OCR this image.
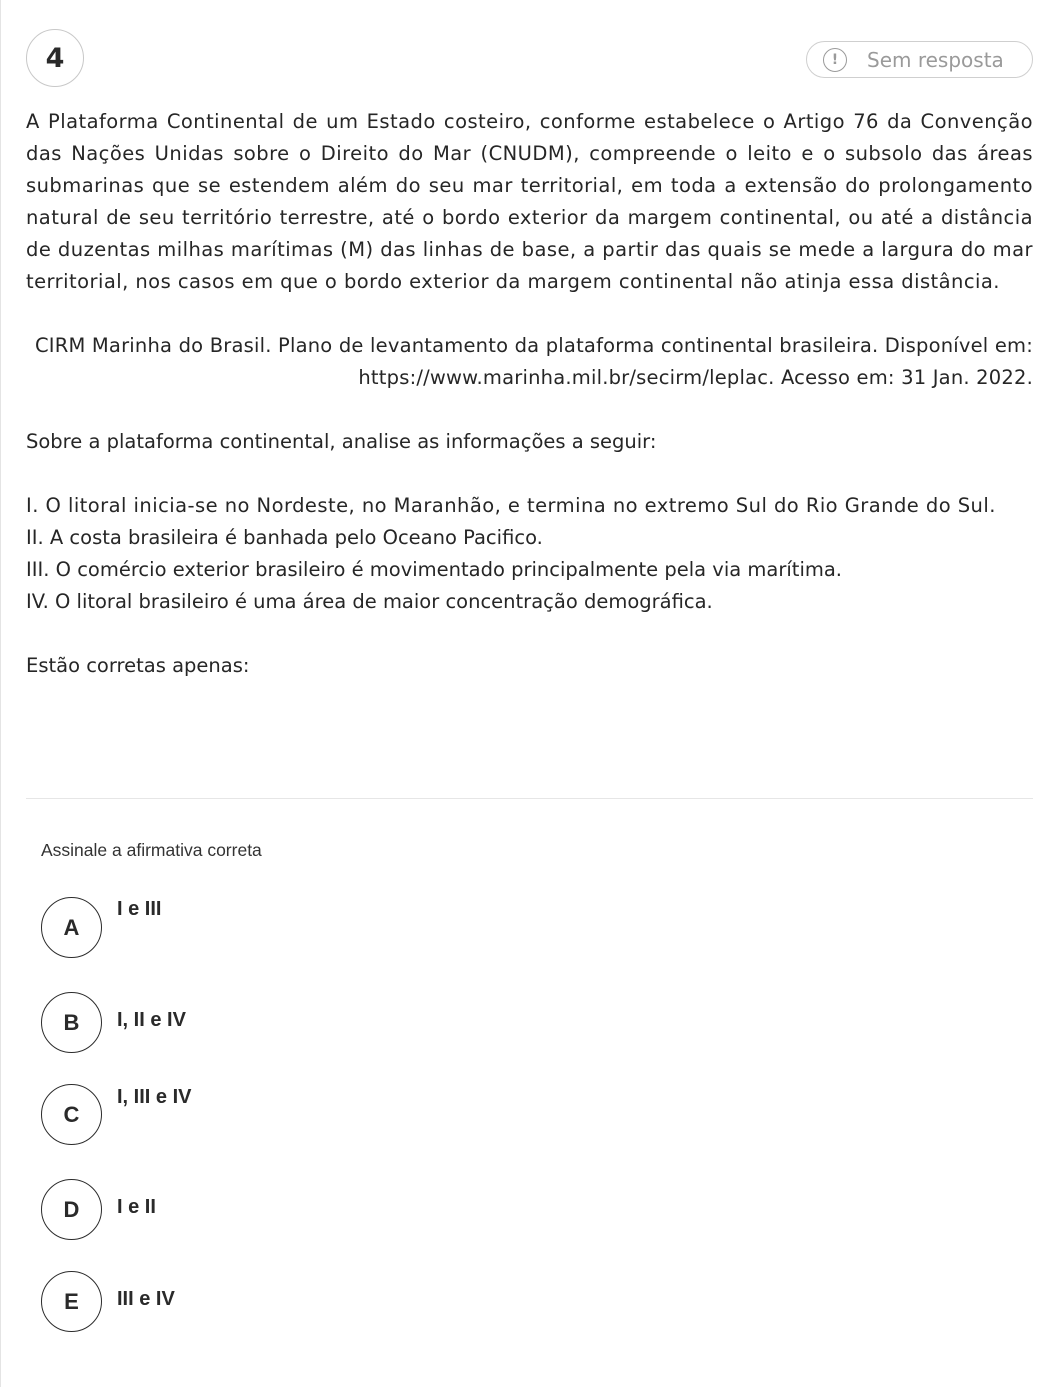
4	!	Sem resposta

A Plataforma Continental de um Estado costeiro, conforme estabelece o Artigo 76 da Convenção das Nações Unidas sobre o Direito do Mar (CNUDM), compreende o leito e o subsolo das áreas submarinas que se estendem além do seu mar territorial, em toda a extensão do prolongamento natural de seu território terrestre, até o bordo exterior da margem continental, ou até a distância de duzentas milhas marítimas (M) das linhas de base, a partir das quais se mede a largura do mar territorial, nos casos em que o bordo exterior da margem continental não atinja essa distância.

CIRM Marinha do Brasil. Plano de levantamento da plataforma continental brasileira. Disponível em: https://www.marinha.mil.br/secirm/leplac. Acesso em: 31 Jan. 2022.

Sobre a plataforma continental, analise as informações a seguir:

I. O litoral inicia-se no Nordeste, no Maranhão, e termina no extremo Sul do Rio Grande do Sul.

II. A costa brasileira é banhada pelo Oceano Pacifico.

III. O comércio exterior brasileiro é movimentado principalmente pela via marítima.

IV. O litoral brasileiro é uma área de maior concentração demográfica.

Estão corretas apenas:

Assinale a afirmativa correta
A
I e III
B	I, II e IV
C
I, III e IV
D	I e II
E	III e IV
